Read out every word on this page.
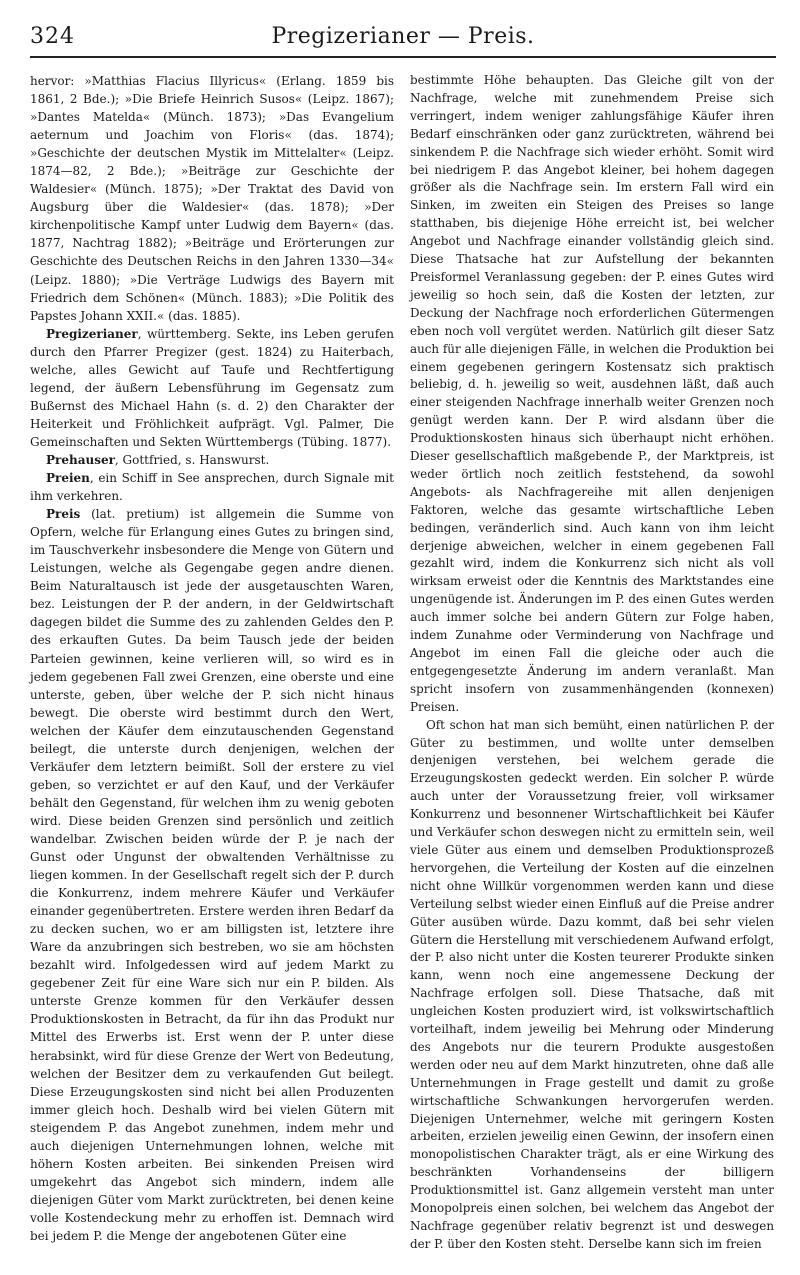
324	Pregizerianer — Preis.

hervor: »Matthias Flacius Illyricus« (Erlang. 1859 bis 1861, 2 Bde.); »Die Briefe Heinrich Susos« (Leipz. 1867); »Dantes Matelda« (Münch. 1873); »Das Evangelium aeternum und Joachim von Floris« (das. 1874); »Geschichte der deutschen Mystik im Mittelalter« (Leipz. 1874—82, 2 Bde.); »Beiträge zur Geschichte der Waldesier« (Münch. 1875); »Der Traktat des David von Augsburg über die Waldesier« (das. 1878); »Der kirchenpolitische Kampf unter Ludwig dem Bayern« (das. 1877, Nachtrag 1882); »Beiträge und Erörterungen zur Geschichte des Deutschen Reichs in den Jahren 1330—34« (Leipz. 1880); »Die Verträge Ludwigs des Bayern mit Friedrich dem Schönen« (Münch. 1883); »Die Politik des Papstes Johann XXII.« (das. 1885).

Pregizerianer, württemberg. Sekte, ins Leben gerufen durch den Pfarrer Pregizer (gest. 1824) zu Haiterbach, welche, alles Gewicht auf Taufe und Rechtfertigung legend, der äußern Lebensführung im Gegensatz zum Bußernst des Michael Hahn (s. d. 2) den Charakter der Heiterkeit und Fröhlichkeit aufprägt. Vgl. Palmer, Die Gemeinschaften und Sekten Württembergs (Tübing. 1877).

Prehauser, Gottfried, s. Hanswurst.

Preien, ein Schiff in See ansprechen, durch Signale mit ihm verkehren.

Preis (lat. pretium) ist allgemein die Summe von Opfern, welche für Erlangung eines Gutes zu bringen sind, im Tauschverkehr insbesondere die Menge von Gütern und Leistungen, welche als Gegengabe gegen andre dienen. Beim Naturaltausch ist jede der ausgetauschten Waren, bez. Leistungen der P. der andern, in der Geldwirtschaft dagegen bildet die Summe des zu zahlenden Geldes den P. des erkauften Gutes. Da beim Tausch jede der beiden Parteien gewinnen, keine verlieren will, so wird es in jedem gegebenen Fall zwei Grenzen, eine oberste und eine unterste, geben, über welche der P. sich nicht hinaus bewegt. Die oberste wird bestimmt durch den Wert, welchen der Käufer dem einzutauschenden Gegenstand beilegt, die unterste durch denjenigen, welchen der Verkäufer dem letztern beimißt. Soll der erstere zu viel geben, so verzichtet er auf den Kauf, und der Verkäufer behält den Gegenstand, für welchen ihm zu wenig geboten wird. Diese beiden Grenzen sind persönlich und zeitlich wandelbar. Zwischen beiden würde der P. je nach der Gunst oder Ungunst der obwaltenden Verhältnisse zu liegen kommen. In der Gesellschaft regelt sich der P. durch die Konkurrenz, indem mehrere Käufer und Verkäufer einander gegenübertreten. Erstere werden ihren Bedarf da zu decken suchen, wo er am billigsten ist, letztere ihre Ware da anzubringen sich bestreben, wo sie am höchsten bezahlt wird. Infolgedessen wird auf jedem Markt zu gegebener Zeit für eine Ware sich nur ein P. bilden. Als unterste Grenze kommen für den Verkäufer dessen Produktionskosten in Betracht, da für ihn das Produkt nur Mittel des Erwerbs ist. Erst wenn der P. unter diese herabsinkt, wird für diese Grenze der Wert von Bedeutung, welchen der Besitzer dem zu verkaufenden Gut beilegt. Diese Erzeugungskosten sind nicht bei allen Produzenten immer gleich hoch. Deshalb wird bei vielen Gütern mit steigendem P. das Angebot zunehmen, indem mehr und auch diejenigen Unternehmungen lohnen, welche mit höhern Kosten arbeiten. Bei sinkenden Preisen wird umgekehrt das Angebot sich mindern, indem alle diejenigen Güter vom Markt zurücktreten, bei denen keine volle Kostendeckung mehr zu erhoffen ist. Demnach wird bei jedem P. die Menge der angebotenen Güter eine

bestimmte Höhe behaupten. Das Gleiche gilt von der Nachfrage, welche mit zunehmendem Preise sich verringert, indem weniger zahlungsfähige Käufer ihren Bedarf einschränken oder ganz zurücktreten, während bei sinkendem P. die Nachfrage sich wieder erhöht. Somit wird bei niedrigem P. das Angebot kleiner, bei hohem dagegen größer als die Nachfrage sein. Im erstern Fall wird ein Sinken, im zweiten ein Steigen des Preises so lange statthaben, bis diejenige Höhe erreicht ist, bei welcher Angebot und Nachfrage einander vollständig gleich sind. Diese Thatsache hat zur Aufstellung der bekannten Preisformel Veranlassung gegeben: der P. eines Gutes wird jeweilig so hoch sein, daß die Kosten der letzten, zur Deckung der Nachfrage noch erforderlichen Gütermengen eben noch voll vergütet werden. Natürlich gilt dieser Satz auch für alle diejenigen Fälle, in welchen die Produktion bei einem gegebenen geringern Kostensatz sich praktisch beliebig, d. h. jeweilig so weit, ausdehnen läßt, daß auch einer steigenden Nachfrage innerhalb weiter Grenzen noch genügt werden kann. Der P. wird alsdann über die Produktionskosten hinaus sich überhaupt nicht erhöhen. Dieser gesellschaftlich maßgebende P., der Marktpreis, ist weder örtlich noch zeitlich feststehend, da sowohl Angebots- als Nachfragereihe mit allen denjenigen Faktoren, welche das gesamte wirtschaftliche Leben bedingen, veränderlich sind. Auch kann von ihm leicht derjenige abweichen, welcher in einem gegebenen Fall gezahlt wird, indem die Konkurrenz sich nicht als voll wirksam erweist oder die Kenntnis des Marktstandes eine ungenügende ist. Änderungen im P. des einen Gutes werden auch immer solche bei andern Gütern zur Folge haben, indem Zunahme oder Verminderung von Nachfrage und Angebot im einen Fall die gleiche oder auch die entgegengesetzte Änderung im andern veranlaßt. Man spricht insofern von zusammenhängenden (konnexen) Preisen.

Oft schon hat man sich bemüht, einen natürlichen P. der Güter zu bestimmen, und wollte unter demselben denjenigen verstehen, bei welchem gerade die Erzeugungskosten gedeckt werden. Ein solcher P. würde auch unter der Voraussetzung freier, voll wirksamer Konkurrenz und besonnener Wirtschaftlichkeit bei Käufer und Verkäufer schon deswegen nicht zu ermitteln sein, weil viele Güter aus einem und demselben Produktionsprozeß hervorgehen, die Verteilung der Kosten auf die einzelnen nicht ohne Willkür vorgenommen werden kann und diese Verteilung selbst wieder einen Einfluß auf die Preise andrer Güter ausüben würde. Dazu kommt, daß bei sehr vielen Gütern die Herstellung mit verschiedenem Aufwand erfolgt, der P. also nicht unter die Kosten teurerer Produkte sinken kann, wenn noch eine angemessene Deckung der Nachfrage erfolgen soll. Diese Thatsache, daß mit ungleichen Kosten produziert wird, ist volkswirtschaftlich vorteilhaft, indem jeweilig bei Mehrung oder Minderung des Angebots nur die teurern Produkte ausgestoßen werden oder neu auf dem Markt hinzutreten, ohne daß alle Unternehmungen in Frage gestellt und damit zu große wirtschaftliche Schwankungen hervorgerufen werden. Diejenigen Unternehmer, welche mit geringern Kosten arbeiten, erzielen jeweilig einen Gewinn, der insofern einen monopolistischen Charakter trägt, als er eine Wirkung des beschränkten Vorhandenseins der billigern Produktionsmittel ist. Ganz allgemein versteht man unter Monopolpreis einen solchen, bei welchem das Angebot der Nachfrage gegenüber relativ begrenzt ist und deswegen der P. über den Kosten steht. Derselbe kann sich im freien
